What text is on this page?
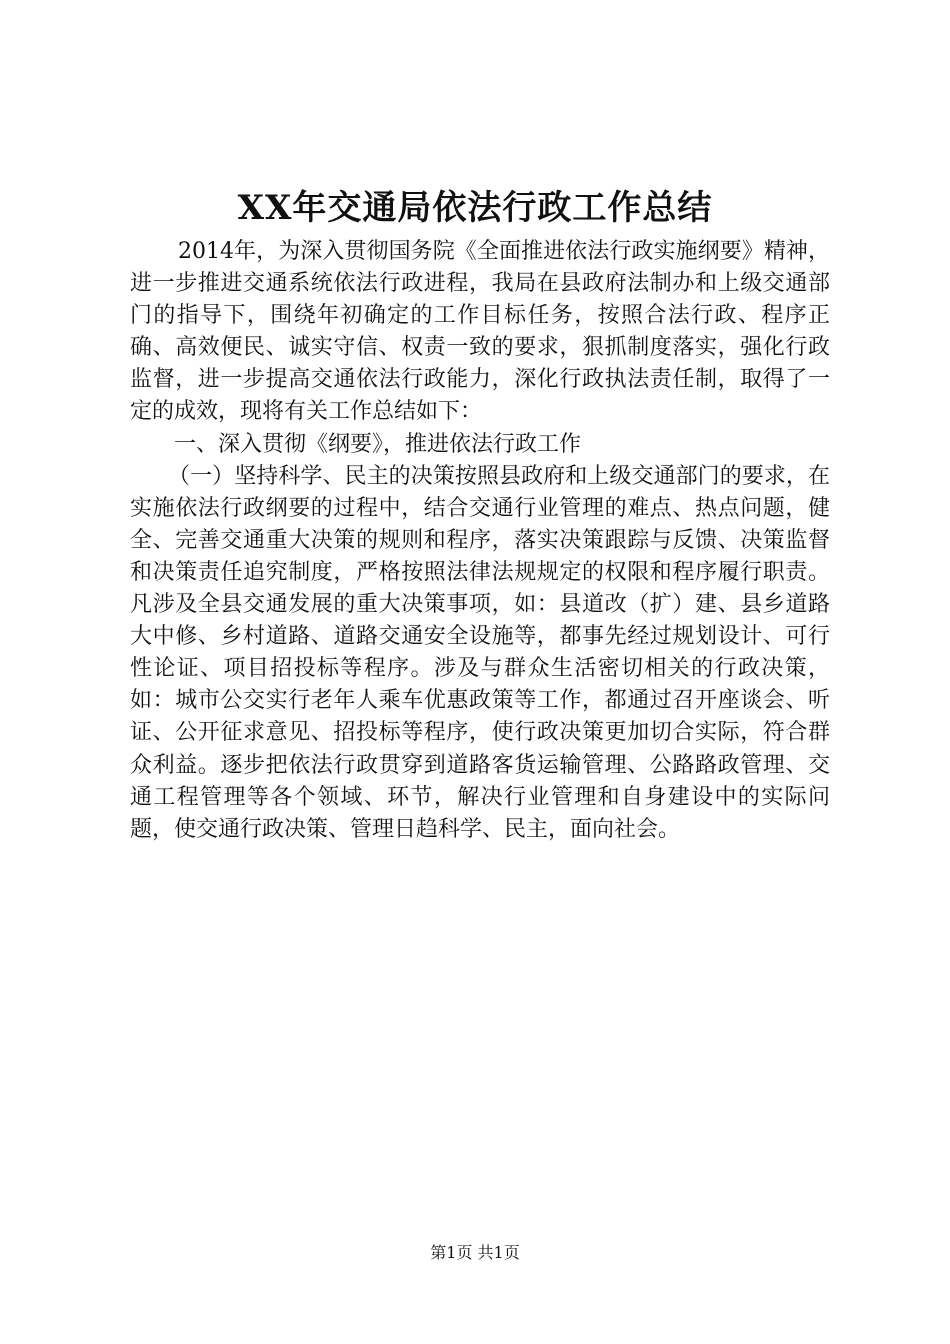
XX年交通局依法行政工作总结

2014年，为深入贯彻国务院《全面推进依法行政实施纲要》精神，进一步推进交通系统依法行政进程，我局在县政府法制办和上级交通部门的指导下，围绕年初确定的工作目标任务，按照合法行政、程序正确、高效便民、诚实守信、权责一致的要求，狠抓制度落实，强化行政监督，进一步提高交通依法行政能力，深化行政执法责任制，取得了一定的成效，现将有关工作总结如下：

一、深入贯彻《纲要》，推进依法行政工作

（一）坚持科学、民主的决策按照县政府和上级交通部门的要求，在实施依法行政纲要的过程中，结合交通行业管理的难点、热点问题，健全、完善交通重大决策的规则和程序，落实决策跟踪与反馈、决策监督和决策责任追究制度，严格按照法律法规规定的权限和程序履行职责。凡涉及全县交通发展的重大决策事项，如：县道改（扩）建、县乡道路大中修、乡村道路、道路交通安全设施等，都事先经过规划设计、可行性论证、项目招投标等程序。涉及与群众生活密切相关的行政决策，如：城市公交实行老年人乘车优惠政策等工作，都通过召开座谈会、听证、公开征求意见、招投标等程序，使行政决策更加切合实际，符合群众利益。逐步把依法行政贯穿到道路客货运输管理、公路路政管理、交通工程管理等各个领域、环节，解决行业管理和自身建设中的实际问题，使交通行政决策、管理日趋科学、民主，面向社会。

第1页 共1页
